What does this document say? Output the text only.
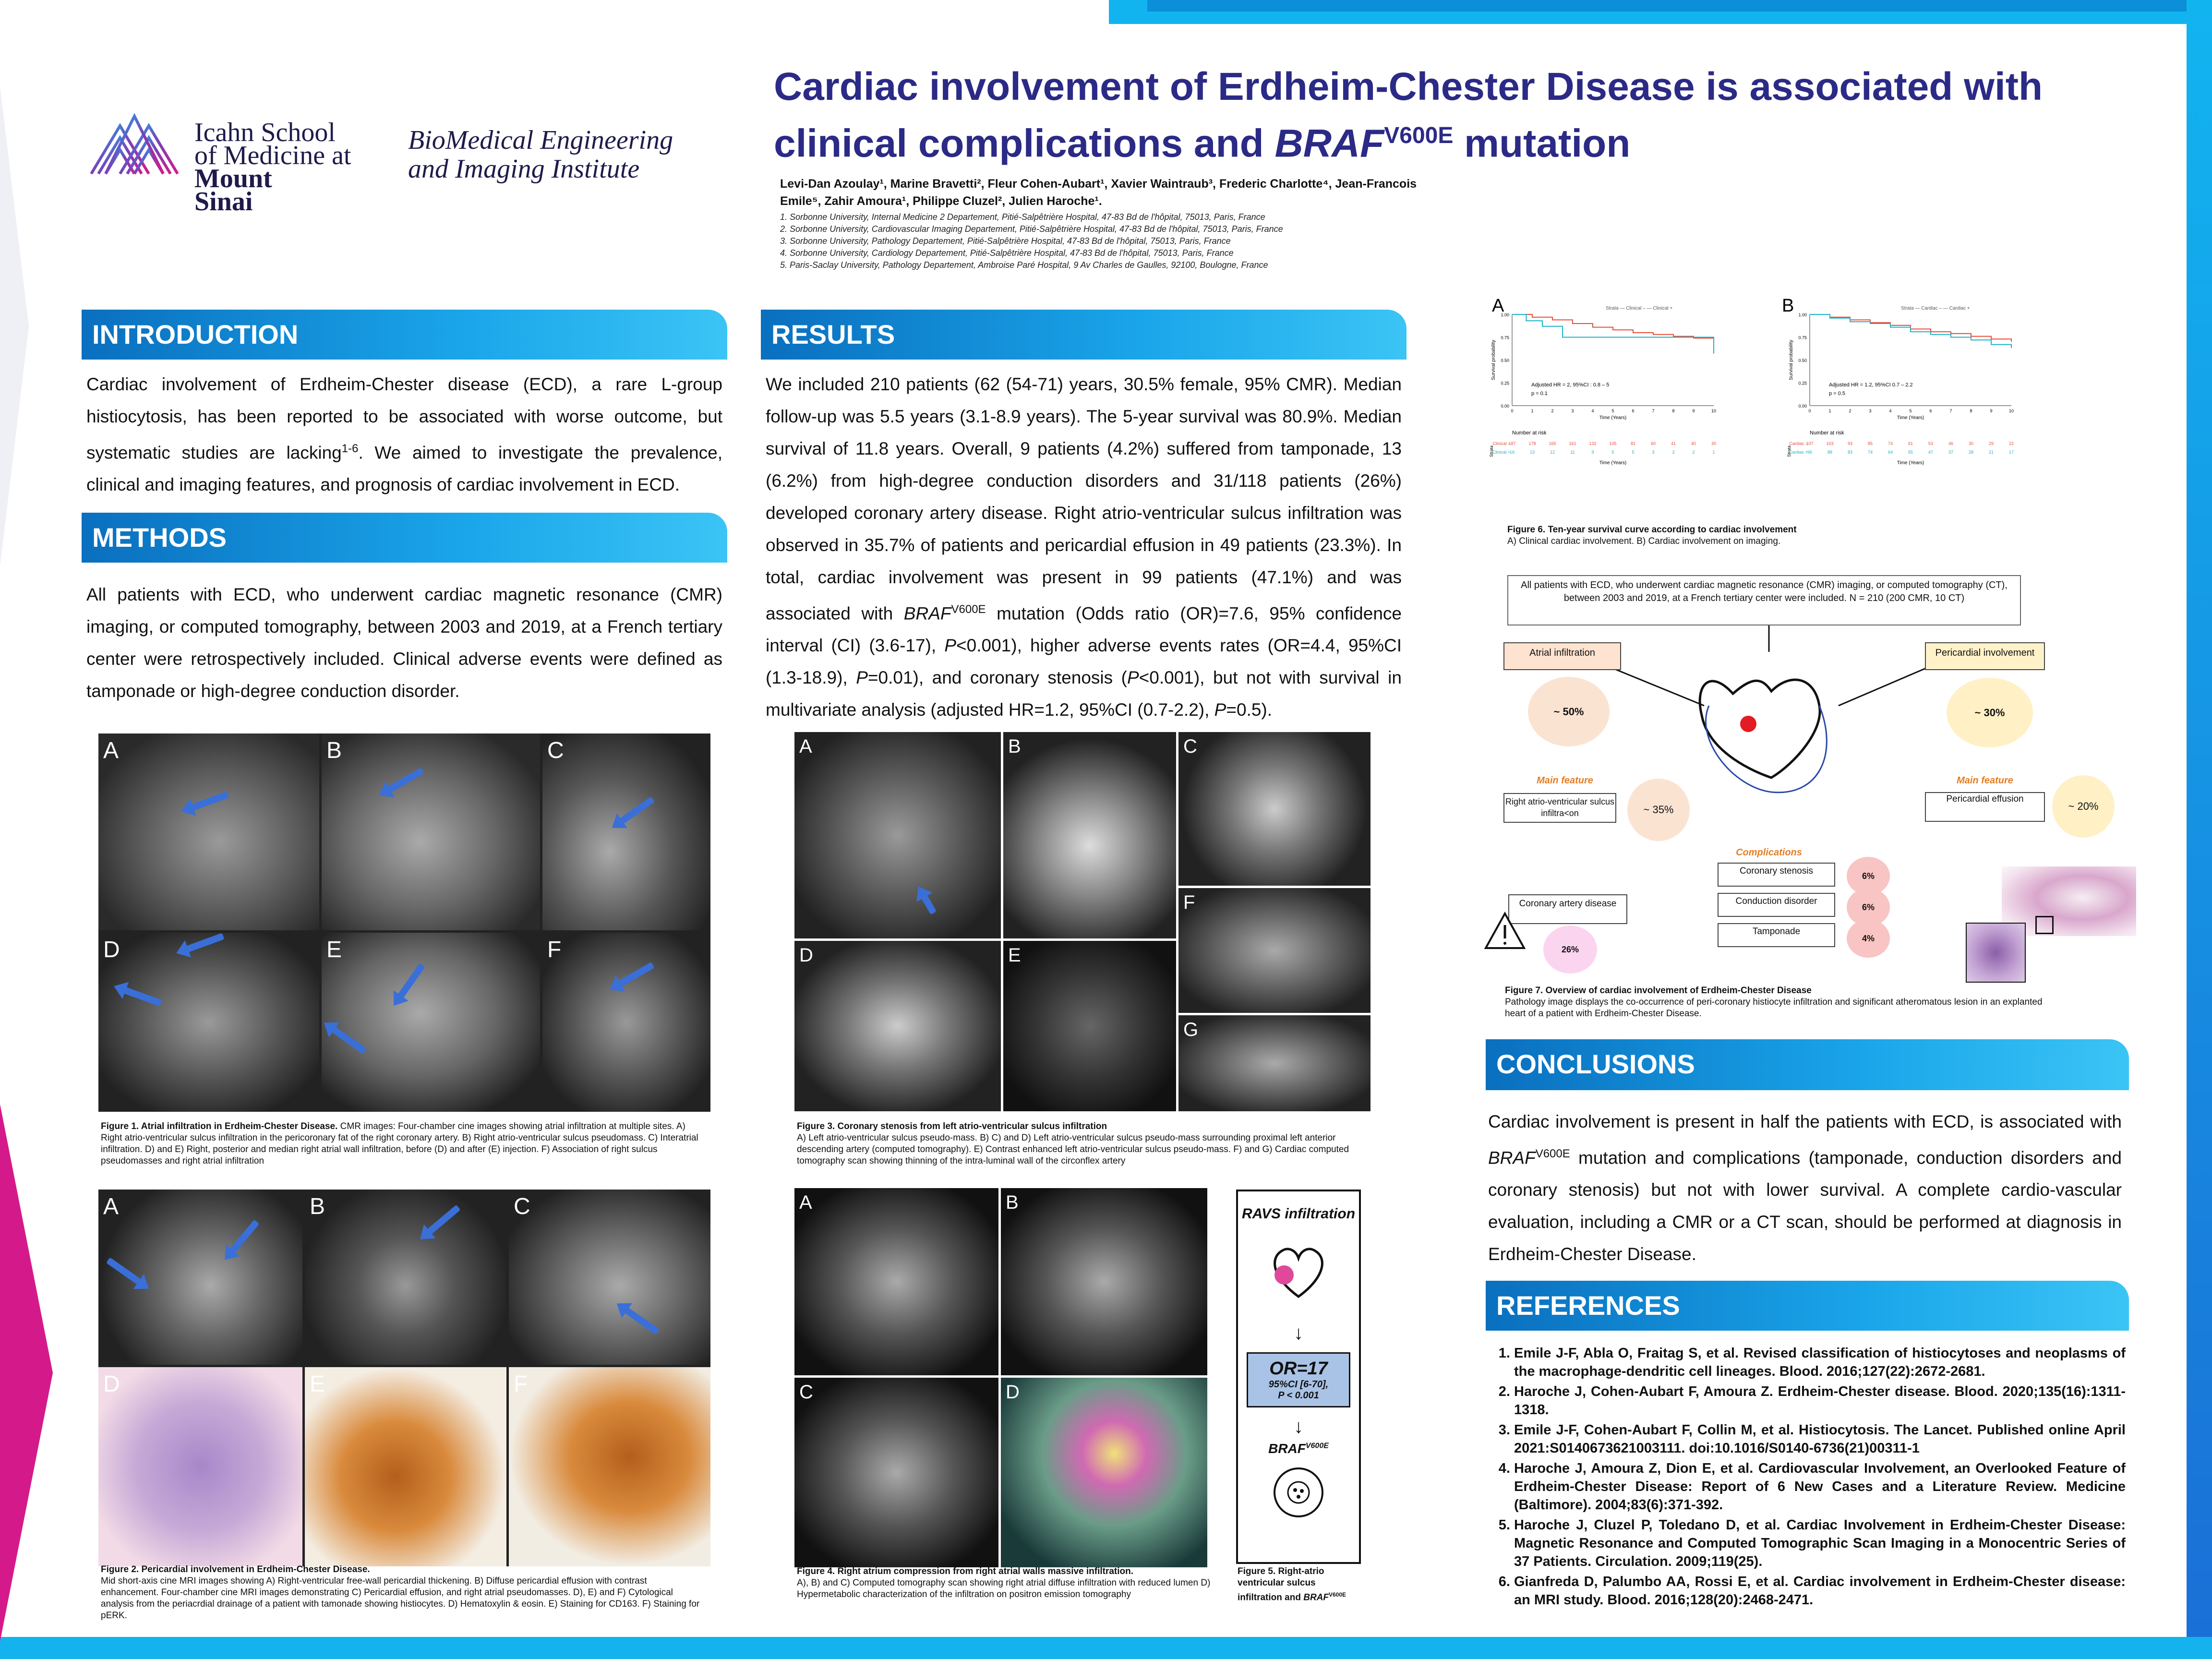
Icahn School
of Medicine at
Mount
Sinai
BioMedical Engineering
and Imaging Institute
Cardiac involvement of Erdheim-Chester Disease is associated with
clinical complications and $BRAF^{V600E}$ mutation
Levi-Dan Azoulay¹, Marine Bravetti², Fleur Cohen-Aubart¹, Xavier Waintraub³, Frederic Charlotte⁴, Jean-Francois Emile⁵, Zahir Amoura¹, Philippe Cluzel², Julien Haroche¹.
1. Sorbonne University, Internal Medicine 2 Departement, Pitié-Salpêtrière Hospital, 47-83 Bd de l'hôpital, 75013, Paris, France
2. Sorbonne University, Cardiovascular Imaging Departement, Pitié-Salpêtrière Hospital, 47-83 Bd de l'hôpital, 75013, Paris, France
3. Sorbonne University, Pathology Departement, Pitié-Salpêtrière Hospital, 47-83 Bd de l'hôpital, 75013, Paris, France
4. Sorbonne University, Cardiology Departement, Pitié-Salpêtrière Hospital, 47-83 Bd de l'hôpital, 75013, Paris, France
5. Paris-Saclay University, Pathology Departement, Ambroise Paré Hospital, 9 Av Charles de Gaulles, 92100, Boulogne, France
INTRODUCTION
Cardiac involvement of Erdheim-Chester disease (ECD), a rare L-group histiocytosis, has been reported to be associated with worse outcome, but systematic studies are lacking$^{1-6}$. We aimed to investigate the prevalence, clinical and imaging features, and prognosis of cardiac involvement in ECD.
METHODS
All patients with ECD, who underwent cardiac magnetic resonance (CMR) imaging, or computed tomography, between 2003 and 2019, at a French tertiary center were retrospectively included. Clinical adverse events were defined as tamponade or high-degree conduction disorder.
A	B	C
D	E	F
Figure 1. Atrial infiltration in Erdheim-Chester Disease. CMR images: Four-chamber cine images showing atrial infiltration at multiple sites. A) Right atrio-ventricular sulcus infiltration in the pericoronary fat of the right coronary artery. B) Right atrio-ventricular sulcus pseudomass. C) Interatrial infiltration. D) and E) Right, posterior and median right atrial wall infiltration, before (D) and after (E) injection. F) Association of right sulcus pseudomasses and right atrial infiltration
A	B	C
D	E	F
Figure 2. Pericardial involvement in Erdheim-Chester Disease.
Mid short-axis cine MRI images showing A) Right-ventricular free-wall pericardial thickening. B) Diffuse pericardial effusion with contrast enhancement. Four-chamber cine MRI images demonstrating C) Pericardial effusion, and right atrial pseudomasses. D), E) and F) Cytological analysis from the periacrdial drainage of a patient with tamonade showing histiocytes. D) Hematoxylin & eosin. E) Staining for CD163. F) Staining for pERK.
RESULTS
We included 210 patients (62 (54-71) years, 30.5% female, 95% CMR). Median follow-up was 5.5 years (3.1-8.9 years). The 5-year survival was 80.9%. Median survival of 11.8 years. Overall, 9 patients (4.2%) suffered from tamponade, 13 (6.2%) from high-degree conduction disorders and 31/118 patients (26%) developed coronary artery disease. Right atrio-ventricular sulcus infiltration was observed in 35.7% of patients and pericardial effusion in 49 patients (23.3%). In total, cardiac involvement was present in 99 patients (47.1%) and was associated with $BRAF^{V600E}$ mutation (Odds ratio (OR)=7.6, 95% confidence interval (CI) (3.6-17), P<0.001), higher adverse events rates (OR=4.4, 95%CI (1.3-18.9), P=0.01), and coronary stenosis (P<0.001), but not with survival in multivariate analysis (adjusted HR=1.2, 95%CI (0.7-2.2), P=0.5).
A	B	C
D	E
F
G
Figure 3. Coronary stenosis from left atrio-ventricular sulcus infiltration
A) Left atrio-ventricular sulcus pseudo-mass. B) C) and D) Left atrio-ventricular sulcus pseudo-mass surrounding proximal left anterior descending artery (computed tomography). E) Contrast enhanced left atrio-ventricular sulcus pseudo-mass. F) and G) Cardiac computed tomography scan showing thinning of the intra-luminal wall of the circonflex artery
A	B
C	D
Figure 4. Right atrium compression from right atrial walls massive infiltration.
A), B) and C) Computed tomography scan showing right atrial diffuse infiltration with reduced lumen D) Hypermetabolic characterization of the infiltration on positron emission tomography
RAVS infiltration
↓
OR=17
95%CI [6-70],
P < 0.001
↓
$BRAF^{V600E}$
Figure 5. Right-atrio ventricular sulcus infiltration and $BRAF^{V600E}$
A	B
Strata — Clinical – — Clinical +	Strata — Cardiac – — Cardiac +
1.00
0.75
0.50
0.25
0.00
0	1	2	3	4	5	6	7	8	9	10
Time (Years)
Survival probability
Adjusted HR = 2, 95%CI : 0.8 – 5
p = 0.1
Number at risk
Strata
Clinical –
Clinical +
187	178	165	161	132	105	81	60	41	40	30
16	13	12	11	9	5	5	3	2	2	1
Time (Years)
1.00
0.75
0.50
0.25
0.00
0	1	2	3	4	5	6	7	8	9	10
Time (Years)
Survival probability
Adjusted HR = 1.2, 95%CI 0.7 – 2.2
p = 0.5
Number at risk
Strata
Cardiac –
Cardiac +
107	103	93	85	74	61	53	46	30	29	22
96	88	83	74	64	55	47	37	28	21	17
Time (Years)
Figure 6. Ten-year survival curve according to cardiac involvement
A) Clinical cardiac involvement. B) Cardiac involvement on imaging.
All patients with ECD, who underwent cardiac magnetic resonance (CMR) imaging, or computed tomography (CT), between 2003 and 2019, at a French tertiary center were included. N = 210 (200 CMR, 10 CT)
Atrial infiltration	Pericardial involvement
~ 50%	~ 30%
Main feature	Main feature
Right atrio-ventricular sulcus infiltra<on	~ 35%
Pericardial effusion
~ 20%
Complications
Coronary stenosis
Conduction disorder
Tamponade
6%
6%
4%
Coronary artery disease
26%
Figure 7. Overview of cardiac involvement of Erdheim-Chester Disease
Pathology image displays the co-occurrence of peri-coronary histiocyte infiltration and significant atheromatous lesion in an explanted heart of a patient with Erdheim-Chester Disease.
CONCLUSIONS
Cardiac involvement is present in half the patients with ECD, is associated with $BRAF^{V600E}$ mutation and complications (tamponade, conduction disorders and coronary stenosis) but not with lower survival. A complete cardio-vascular evaluation, including a CMR or a CT scan, should be performed at diagnosis in Erdheim-Chester Disease.
REFERENCES
1. Emile J-F, Abla O, Fraitag S, et al. Revised classification of histiocytoses and neoplasms of the macrophage-dendritic cell lineages. Blood. 2016;127(22):2672-2681.
2. Haroche J, Cohen-Aubart F, Amoura Z. Erdheim-Chester disease. Blood. 2020;135(16):1311-1318.
3. Emile J-F, Cohen-Aubart F, Collin M, et al. Histiocytosis. The Lancet. Published online April 2021:S0140673621003111. doi:10.1016/S0140-6736(21)00311-1
4. Haroche J, Amoura Z, Dion E, et al. Cardiovascular Involvement, an Overlooked Feature of Erdheim-Chester Disease: Report of 6 New Cases and a Literature Review. Medicine (Baltimore). 2004;83(6):371-392.
5. Haroche J, Cluzel P, Toledano D, et al. Cardiac Involvement in Erdheim-Chester Disease: Magnetic Resonance and Computed Tomographic Scan Imaging in a Monocentric Series of 37 Patients. Circulation. 2009;119(25).
6. Gianfreda D, Palumbo AA, Rossi E, et al. Cardiac involvement in Erdheim-Chester disease: an MRI study. Blood. 2016;128(20):2468-2471.
